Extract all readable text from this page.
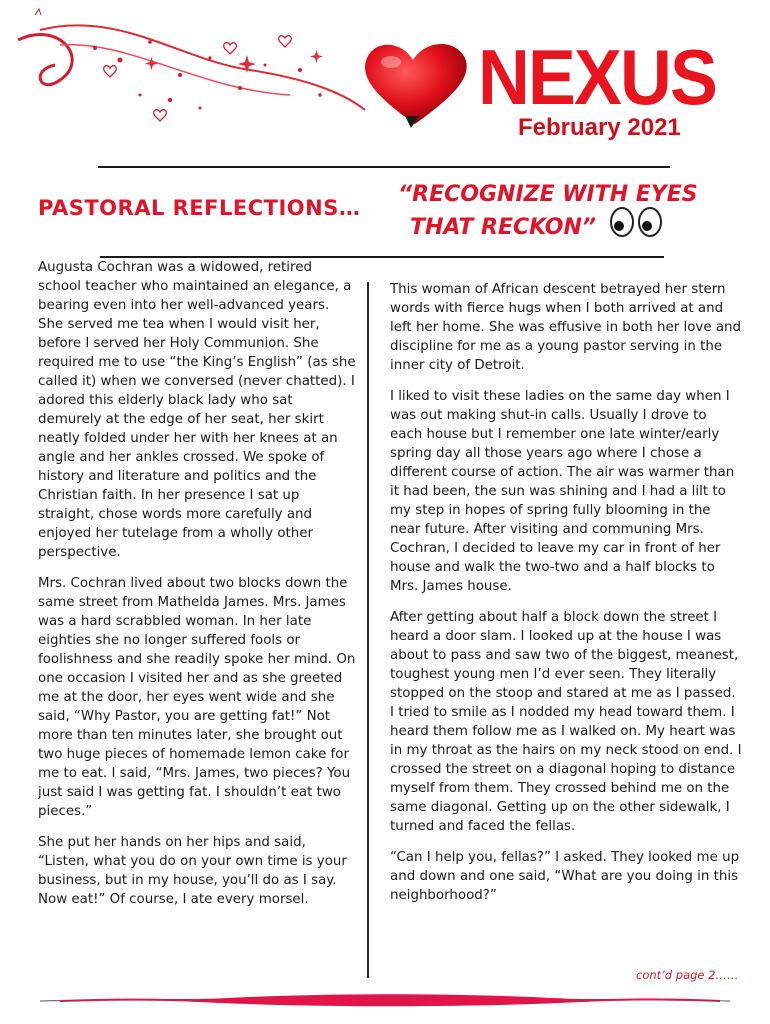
NEXUS
February 2021
PASTORAL REFLECTIONS…
“RECOGNIZE WITH EYES
THAT RECKON”

Augusta Cochran was a widowed, retired school teacher who maintained an elegance, a bearing even into her well-advanced years. She served me tea when I would visit her, before I served her Holy Communion. She required me to use “the King’s English” (as she called it) when we conversed (never chatted). I adored this elderly black lady who sat demurely at the edge of her seat, her skirt neatly folded under her with her knees at an angle and her ankles crossed. We spoke of history and literature and politics and the Christian faith. In her presence I sat up straight, chose words more carefully and enjoyed her tutelage from a wholly other perspective.

Mrs. Cochran lived about two blocks down the same street from Mathelda James. Mrs. James was a hard scrabbled woman. In her late eighties she no longer suffered fools or foolishness and she readily spoke her mind. On one occasion I visited her and as she greeted me at the door, her eyes went wide and she said, “Why Pastor, you are getting fat!” Not more than ten minutes later, she brought out two huge pieces of homemade lemon cake for me to eat. I said, “Mrs. James, two pieces? You just said I was getting fat. I shouldn’t eat two pieces.”

She put her hands on her hips and said, “Listen, what you do on your own time is your business, but in my house, you’ll do as I say. Now eat!” Of course, I ate every morsel.

This woman of African descent betrayed her stern words with fierce hugs when I both arrived at and left her home. She was effusive in both her love and discipline for me as a young pastor serving in the inner city of Detroit.

I liked to visit these ladies on the same day when I was out making shut-in calls. Usually I drove to each house but I remember one late winter/early spring day all those years ago where I chose a different course of action. The air was warmer than it had been, the sun was shining and I had a lilt to my step in hopes of spring fully blooming in the near future. After visiting and communing Mrs. Cochran, I decided to leave my car in front of her house and walk the two-two and a half blocks to Mrs. James house.

After getting about half a block down the street I heard a door slam. I looked up at the house I was about to pass and saw two of the biggest, meanest, toughest young men I’d ever seen. They literally stopped on the stoop and stared at me as I passed. I tried to smile as I nodded my head toward them. I heard them follow me as I walked on. My heart was in my throat as the hairs on my neck stood on end. I crossed the street on a diagonal hoping to distance myself from them. They crossed behind me on the same diagonal. Getting up on the other sidewalk, I turned and faced the fellas.

“Can I help you, fellas?” I asked. They looked me up and down and one said, “What are you doing in this neighborhood?”

cont’d page 2……
